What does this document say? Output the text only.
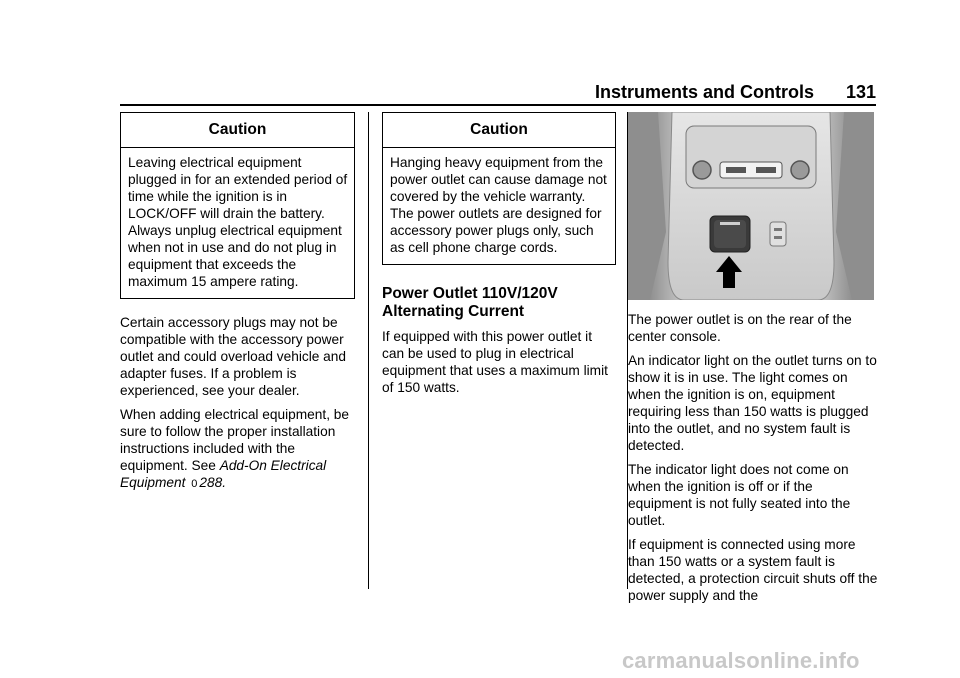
Instruments and Controls 131
Caution
Leaving electrical equipment plugged in for an extended period of time while the ignition is in LOCK/OFF will drain the battery. Always unplug electrical equipment when not in use and do not plug in equipment that exceeds the maximum 15 ampere rating.

Certain accessory plugs may not be compatible with the accessory power outlet and could overload vehicle and adapter fuses. If a problem is experienced, see your dealer.

When adding electrical equipment, be sure to follow the proper installation instructions included with the equipment. See Add-On Electrical Equipment 0 288.

Caution
Hanging heavy equipment from the power outlet can cause damage not covered by the vehicle warranty. The power outlets are designed for accessory power plugs only, such as cell phone charge cords.
Power Outlet 110V/120V Alternating Current

If equipped with this power outlet it can be used to plug in electrical equipment that uses a maximum limit of 150 watts.

The power outlet is on the rear of the center console.

An indicator light on the outlet turns on to show it is in use. The light comes on when the ignition is on, equipment requiring less than 150 watts is plugged into the outlet, and no system fault is detected.

The indicator light does not come on when the ignition is off or if the equipment is not fully seated into the outlet.

If equipment is connected using more than 150 watts or a system fault is detected, a protection circuit shuts off the power supply and the

carmanualsonline.info
